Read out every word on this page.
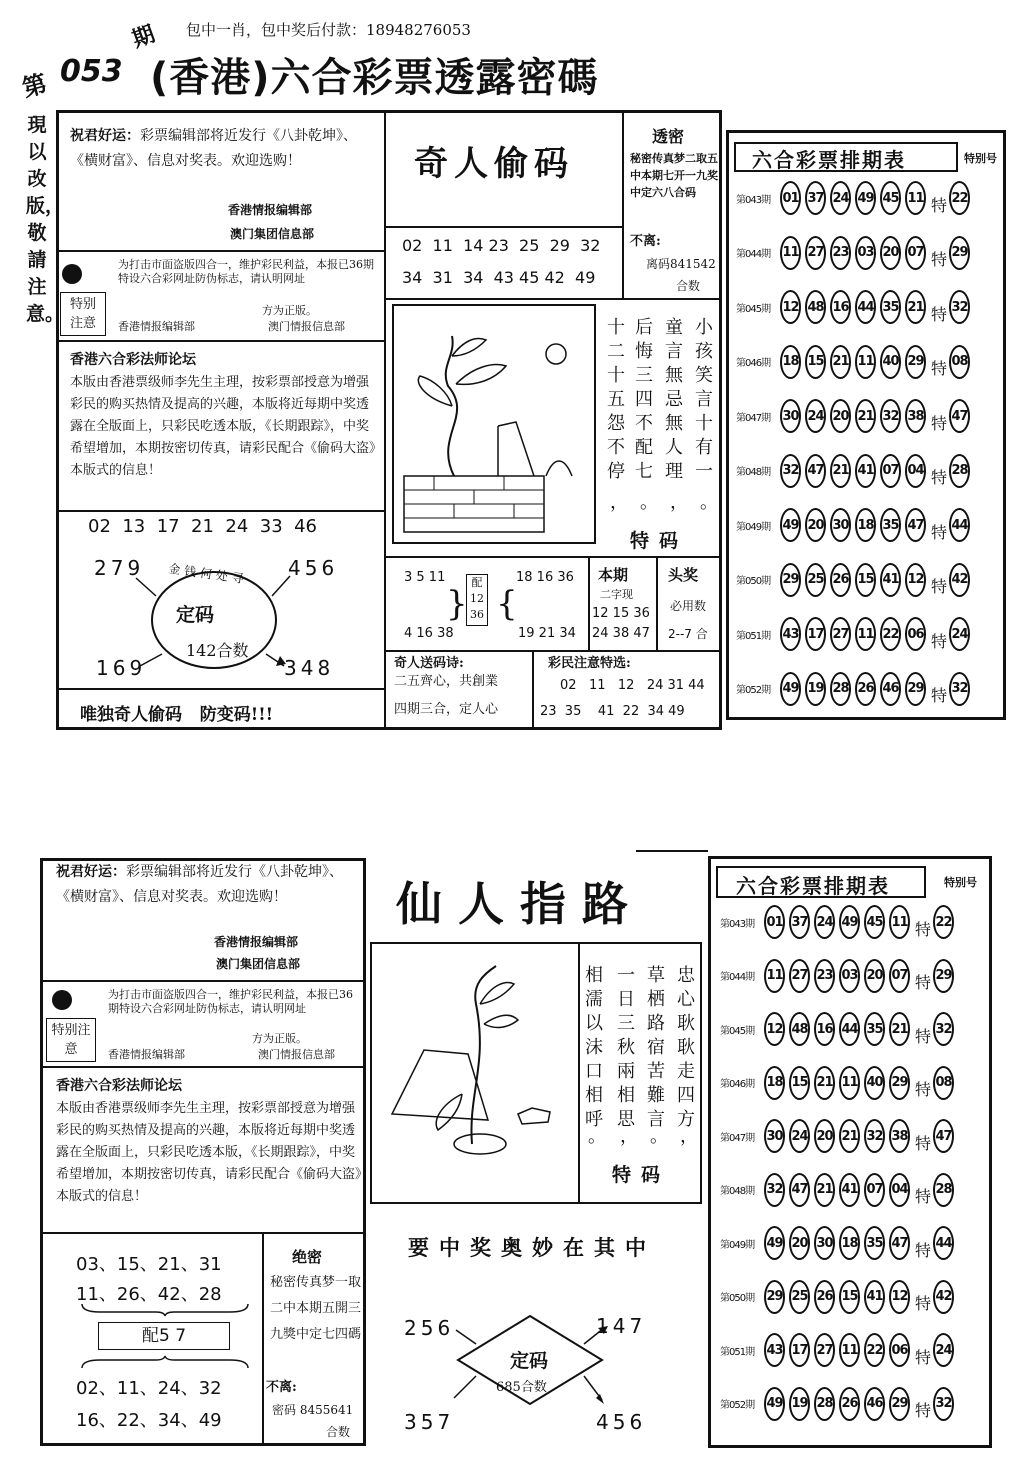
包中一肖，包中奖后付款：18948276053
第 053
期
(香港)六合彩票透露密碼
現以改版，敬請注意。
祝君好运：彩票编辑部将近发行《八卦乾坤》、《横财富》、信息对奖表。欢迎选购！
香港情报编辑部
澳门集团信息部
特别注意
为打击市面盗版四合一，维护彩民利益，本报已36期特设六合彩网址防伪标志，请认明网址
方为正版。
香港情报编辑部	澳门情报信息部
香港六合彩法师论坛
本版由香港票级师李先生主理，按彩票部授意为增强彩民的购买热情及提高的兴趣，本版将近每期中奖透露在全版面上，只彩民吃透本版，《长期跟踪》，中奖希望增加，本期按密切传真，请彩民配合《偷码大盗》本版式的信息！
02  13  17  21  24  33  46
279	456
金钱何处寻
定码
142合数
169	348
唯独奇人偷码   防变码!!!
奇人偷码
02  11  14 23  25  29  32
34  31  34  43 45 42  49
透密
秘密传真梦二取五中本期七开一九奖中定六八合码
不离:
离码841542
合数
十二十五怨不停
后悔三四不配七
童言無忌無人理
小孩笑言十有一
， 。 ， 。
特码
3 5 11
4 16 38
}
配 12 36 {
18 16 36
19 21 34
本期
二字现
12 15 36
24 38 47
头奖
必用数
2--7 合
奇人送码诗:
二五齊心，共創業
四期三合，定人心
彩民注意特选:
02   11   12   24 31 44
23  35    41  22  34 49
六合彩票排期表	特别号
第043期 01 37 24 49 45 11 特 22
第044期 11 27 23 03 20 07 特 29
第045期 12 48 16 44 35 21 特 32
第046期 18 15 21 11 40 29 特 08
第047期 30 24 20 21 32 38 特 47
第048期 32 47 21 41 07 04 特 28
第049期 49 20 30 18 35 47 特 44
第050期 29 25 26 15 41 12 特 42
第051期 43 17 27 11 22 06 特 24
第052期 49 19 28 26 46 29 特 32
祝君好运：彩票编辑部将近发行《八卦乾坤》、《横财富》、信息对奖表。欢迎选购！
香港情报编辑部
澳门集团信息部
特别注意
为打击市面盗版四合一，维护彩民利益，本报已36期特设六合彩网址防伪标志，请认明网址
方为正版。
香港情报编辑部	澳门情报信息部
香港六合彩法师论坛
本版由香港票级师李先生主理，按彩票部授意为增强彩民的购买热情及提高的兴趣，本版将近每期中奖透露在全版面上，只彩民吃透本版，《长期跟踪》，中奖希望增加，本期按密切传真，请彩民配合《偷码大盗》本版式的信息！
03、15、21、31
11、26、42、28
配5 7
02、11、24、32
16、22、34、49
绝密
秘密传真梦一取二中本期五開三九獎中定七四碼
不离:
密码 8455641
合数
仙人指路
相濡以沫口相呼
一日三秋兩相思
草栖路宿苦難言
忠心耿耿走四方
。 ， 。 ，
特码
要中奖奥妙在其中
256	147
定码
685合数
357	456
六合彩票排期表	特别号
第043期 01 37 24 49 45 11 特 22
第044期 11 27 23 03 20 07 特 29
第045期 12 48 16 44 35 21 特 32
第046期 18 15 21 11 40 29 特 08
第047期 30 24 20 21 32 38 特 47
第048期 32 47 21 41 07 04 特 28
第049期 49 20 30 18 35 47 特 44
第050期 29 25 26 15 41 12 特 42
第051期 43 17 27 11 22 06 特 24
第052期 49 19 28 26 46 29 特 32
